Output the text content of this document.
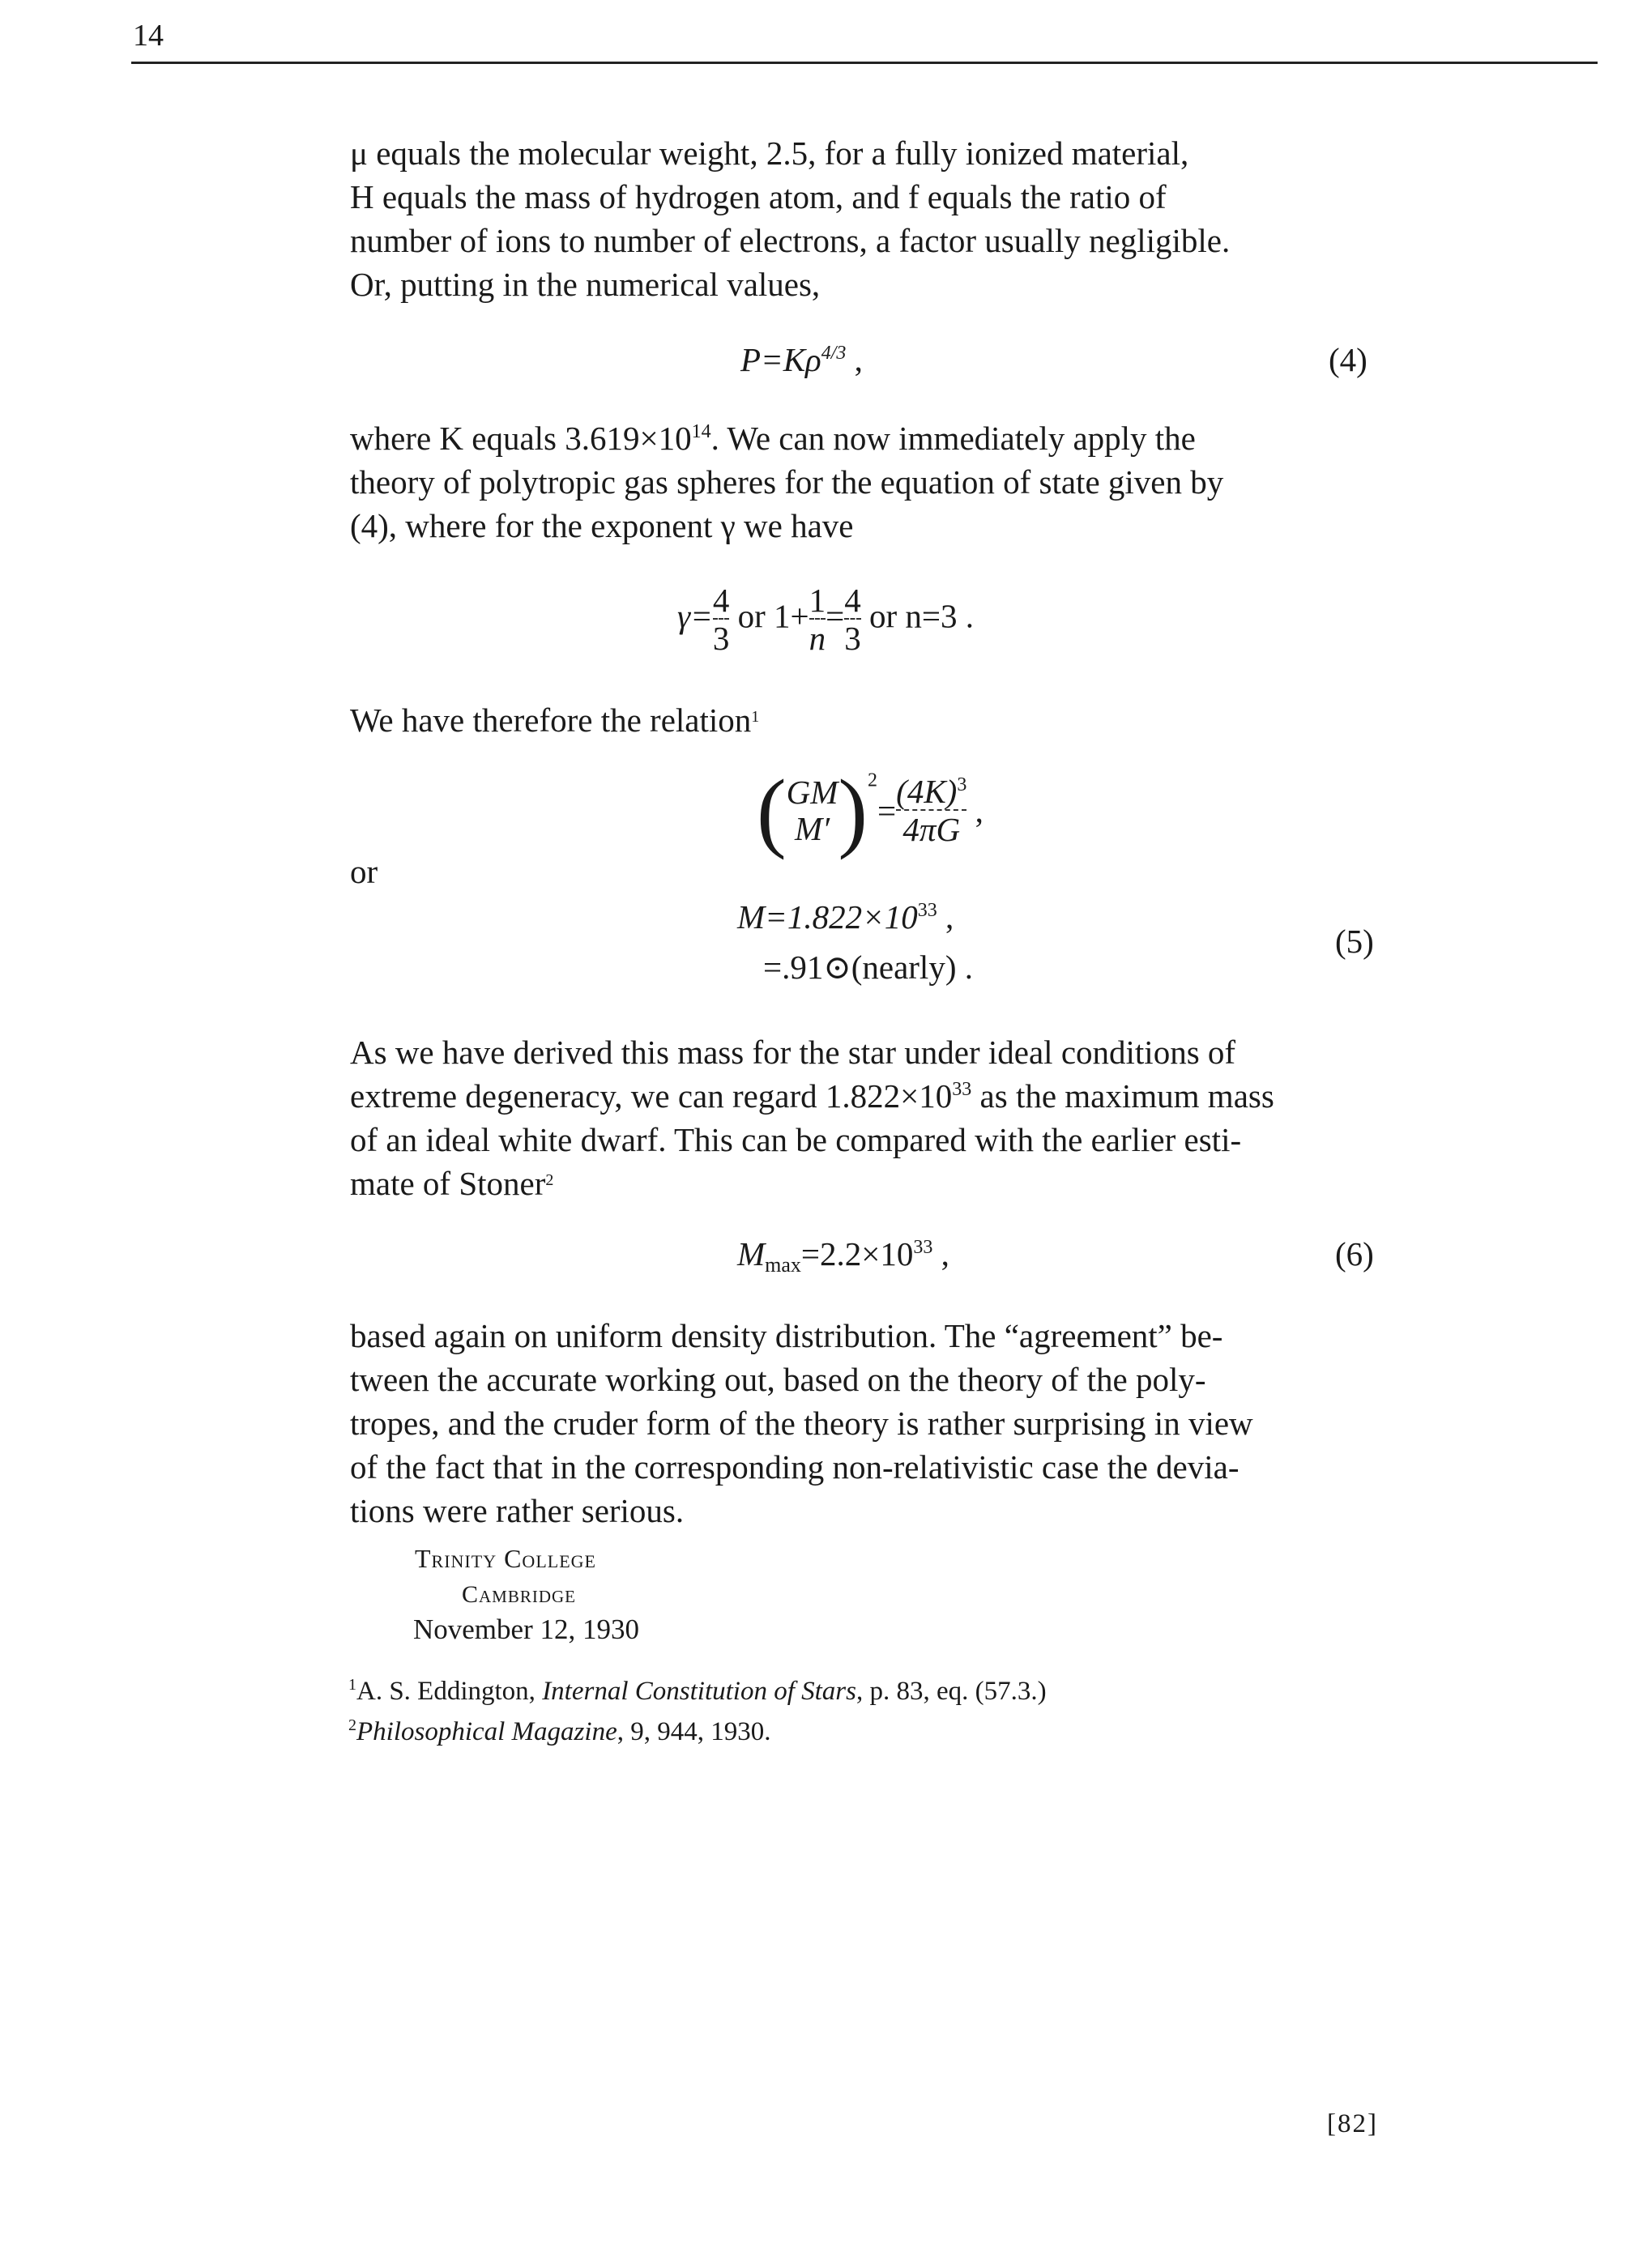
14

μ equals the molecular weight, 2.5, for a fully ionized material,

H equals the mass of hydrogen atom, and f equals the ratio of

number of ions to number of electrons, a factor usually negligible.

Or, putting in the numerical values,

$P=K\rho^{4/3}$ ,	(4)

where K equals $3.619\times 10^{14}$. We can now immediately apply the

theory of polytropic gas spheres for the equation of state given by

(4), where for the exponent γ we have

$\gamma= \frac{4}{3}$ or $1+ \frac{1}{n} = \frac{4}{3}$ or n=3 .

We have therefore the relation$^1$

( GM
M′ )$^2= \frac{(4K)^3}{4\pi G}$ ,
or
$M=1.822\times 10^{33}$ ,
=.91⊙(nearly) .
(5)

As we have derived this mass for the star under ideal conditions of

extreme degeneracy, we can regard $1.822\times 10^{33}$ as the maximum mass

of an ideal white dwarf. This can be compared with the earlier esti-

mate of Stoner$^2$

$M_{max}=2.2\times 10^{33}$ ,	(6)

based again on uniform density distribution. The “agreement” be-

tween the accurate working out, based on the theory of the poly-

tropes, and the cruder form of the theory is rather surprising in view

of the fact that in the corresponding non-relativistic case the devia-

tions were rather serious.

Trinity College
Cambridge
November 12, 1930
$^1$A. S. Eddington, Internal Constitution of Stars, p. 83, eq. (57.3.)
$^2$Philosophical Magazine, 9, 944, 1930.
[82]
